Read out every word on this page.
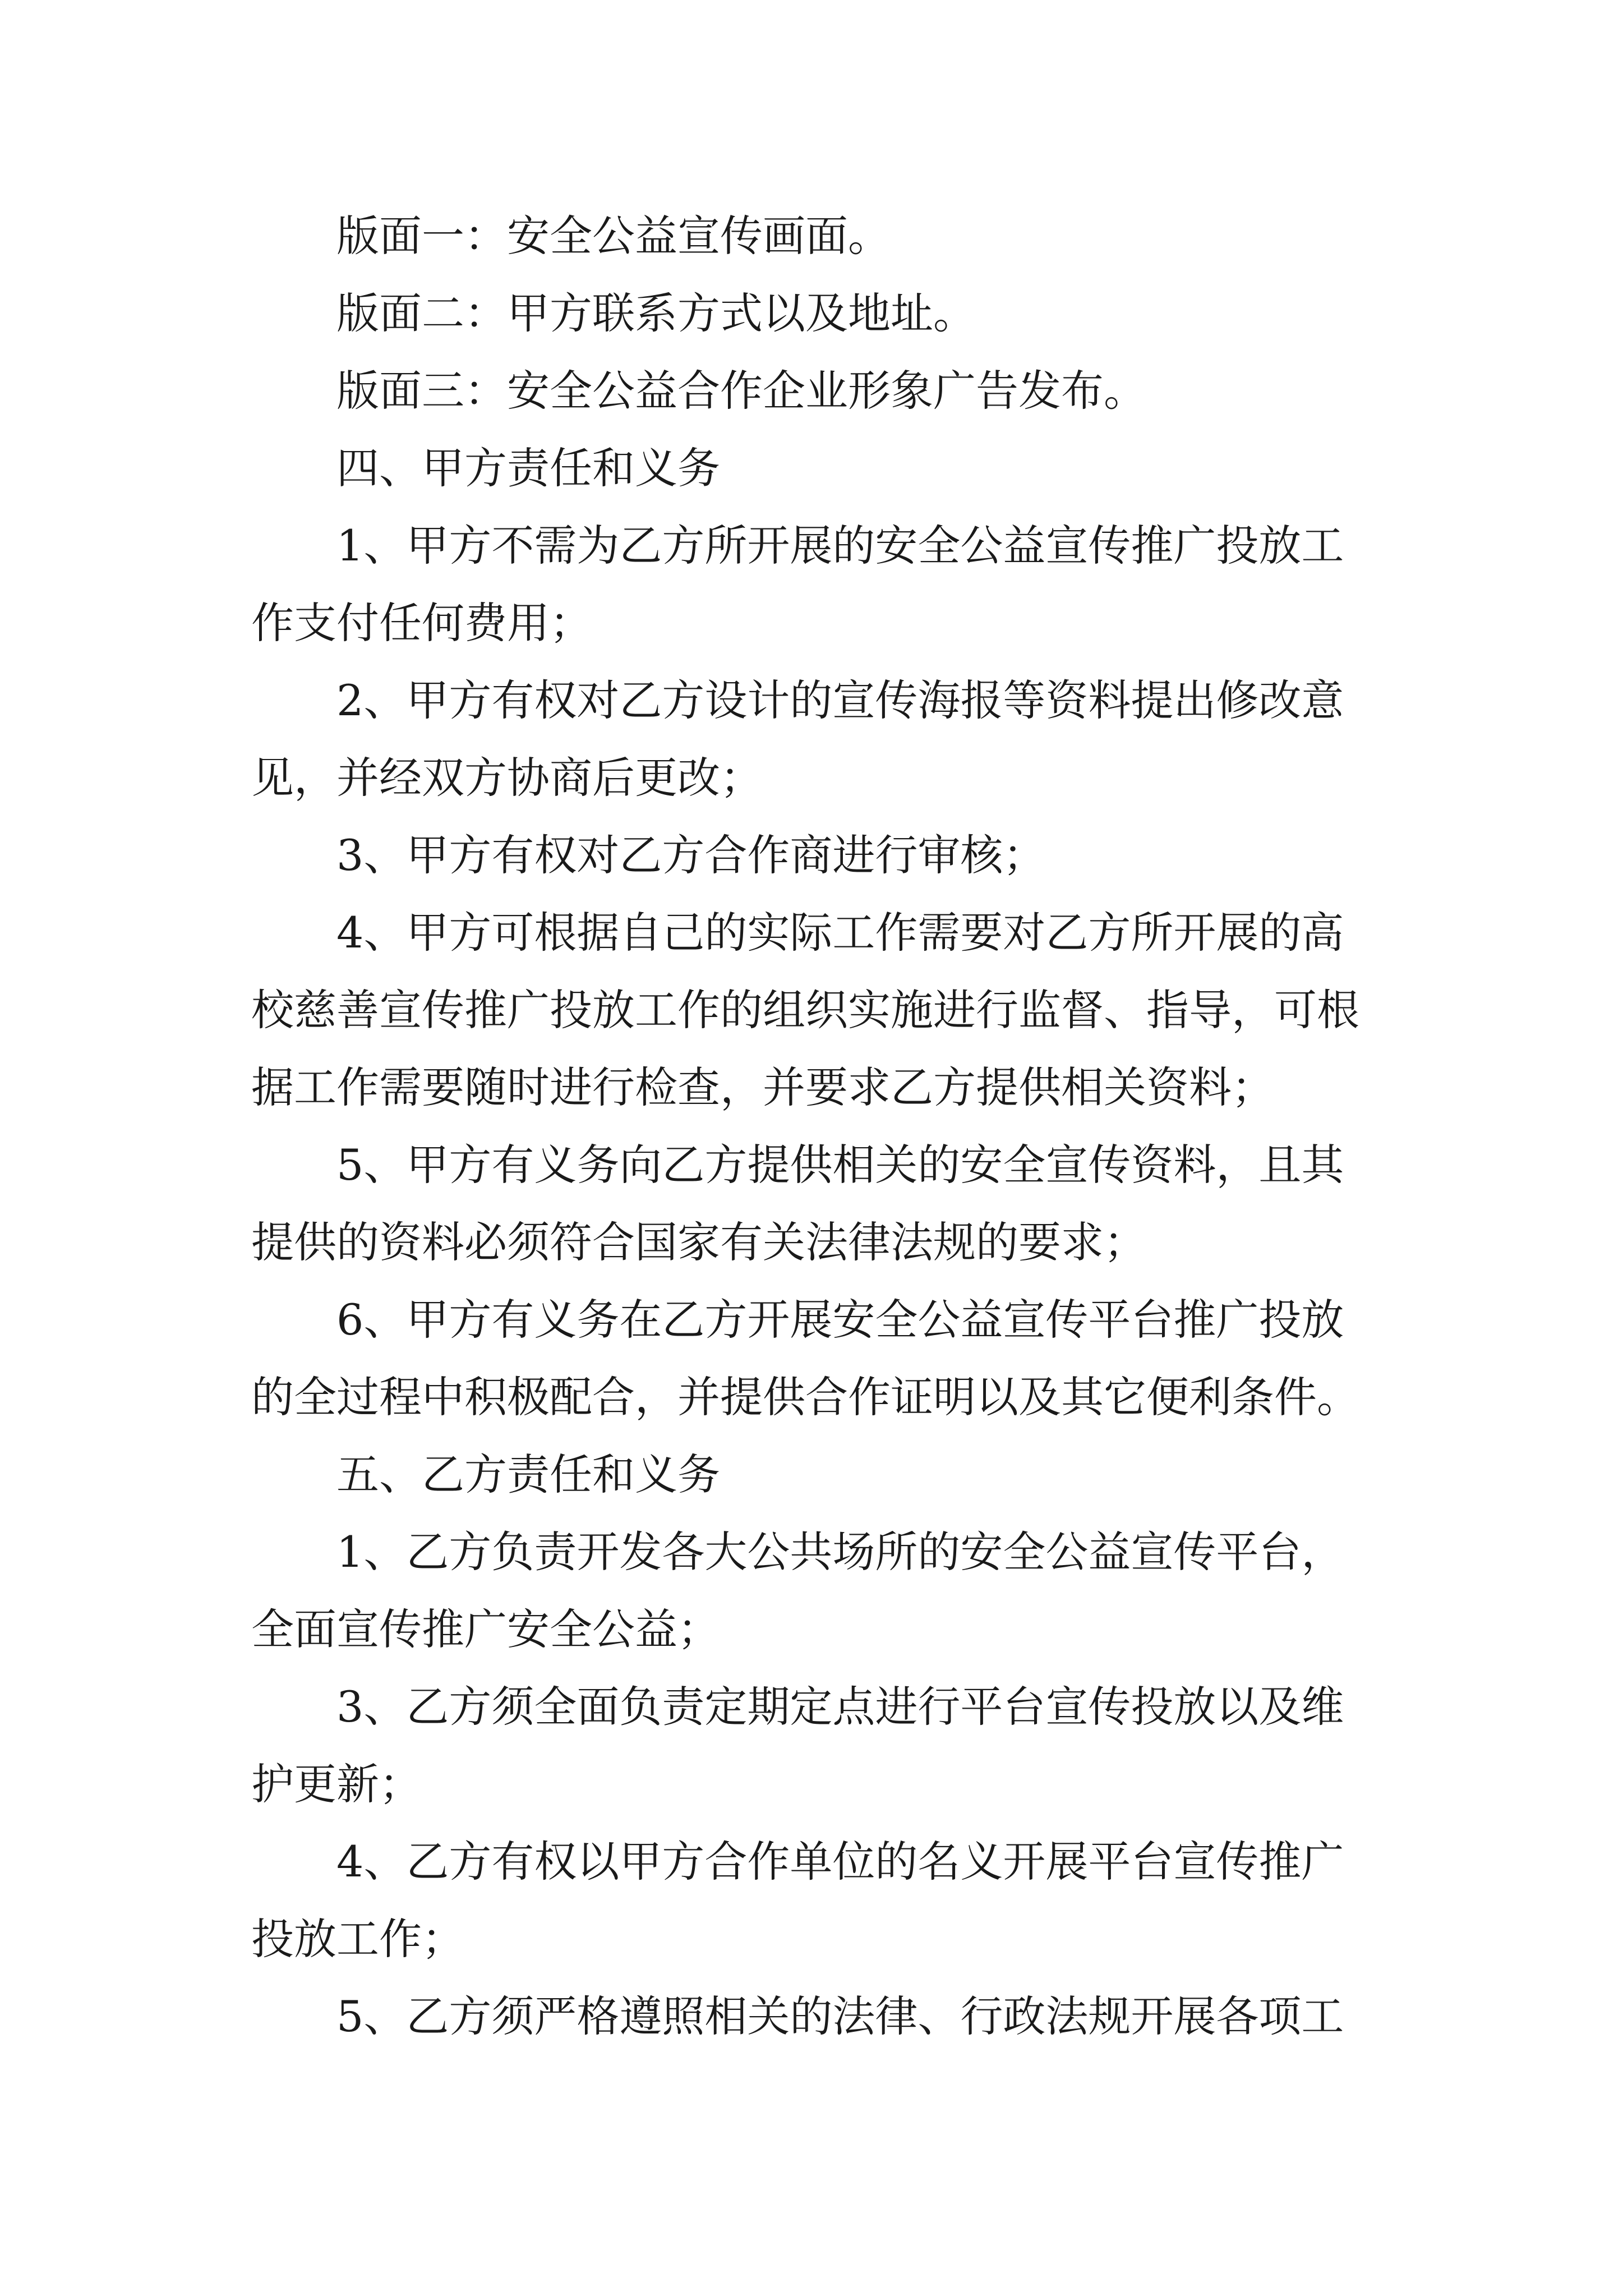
版面一：安全公益宣传画面。
版面二：甲方联系方式以及地址。
版面三：安全公益合作企业形象广告发布。
四、甲方责任和义务
1、甲方不需为乙方所开展的安全公益宣传推广投放工
作支付任何费用；
2、甲方有权对乙方设计的宣传海报等资料提出修改意
见，并经双方协商后更改；
3、甲方有权对乙方合作商进行审核；
4、甲方可根据自己的实际工作需要对乙方所开展的高
校慈善宣传推广投放工作的组织实施进行监督、指导，可根
据工作需要随时进行检查，并要求乙方提供相关资料；
5、甲方有义务向乙方提供相关的安全宣传资料，且其
提供的资料必须符合国家有关法律法规的要求；
6、甲方有义务在乙方开展安全公益宣传平台推广投放
的全过程中积极配合，并提供合作证明以及其它便利条件。
五、乙方责任和义务
1、乙方负责开发各大公共场所的安全公益宣传平台，
全面宣传推广安全公益；
3、乙方须全面负责定期定点进行平台宣传投放以及维
护更新；
4、乙方有权以甲方合作单位的名义开展平台宣传推广
投放工作；
5、乙方须严格遵照相关的法律、行政法规开展各项工
